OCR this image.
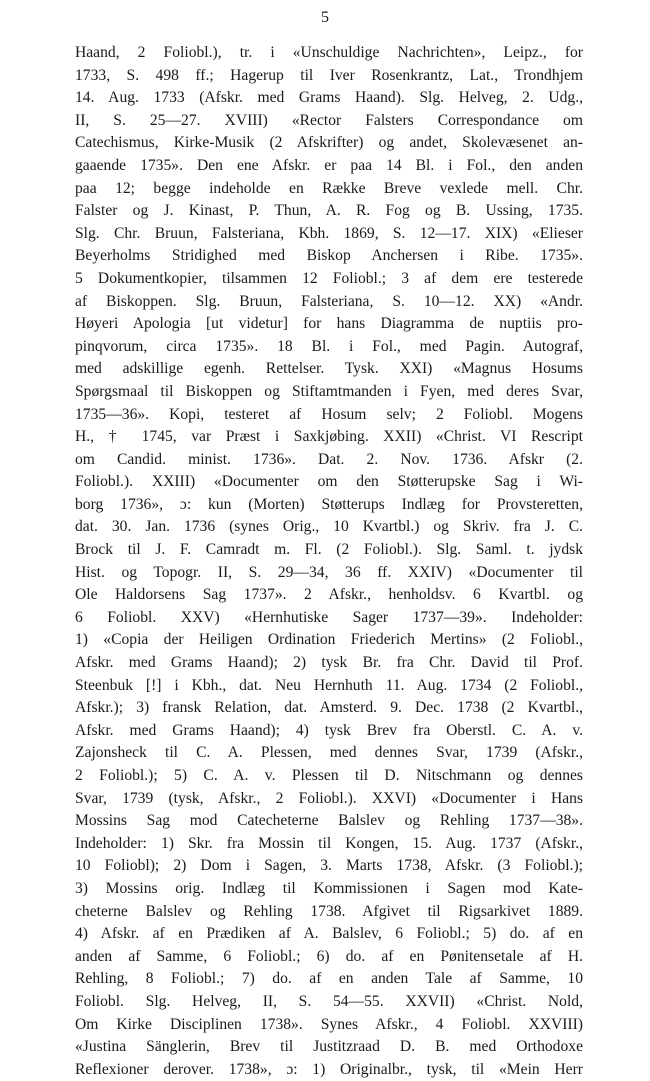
5
Haand, 2 Foliobl.), tr. i «Unschuldige Nachrichten», Leipz., for
1733, S. 498 ff.; Hagerup til Iver Rosenkrantz, Lat., Trondhjem
14. Aug. 1733 (Afskr. med Grams Haand). Slg. Helveg, 2. Udg.,
II, S. 25—27. XVIII) «Rector Falsters Correspondance om
Catechismus, Kirke-Musik (2 Afskrifter) og andet, Skolevæsenet an-
gaaende 1735». Den ene Afskr. er paa 14 Bl. i Fol., den anden
paa 12; begge indeholde en Række Breve vexlede mell. Chr.
Falster og J. Kinast, P. Thun, A. R. Fog og B. Ussing, 1735.
Slg. Chr. Bruun, Falsteriana, Kbh. 1869, S. 12—17. XIX) «Elieser
Beyerholms Stridighed med Biskop Anchersen i Ribe. 1735».
5 Dokumentkopier, tilsammen 12 Foliobl.; 3 af dem ere testerede
af Biskoppen. Slg. Bruun, Falsteriana, S. 10—12. XX) «Andr.
Høyeri Apologia [ut videtur] for hans Diagramma de nuptiis pro-
pinqvorum, circa 1735». 18 Bl. i Fol., med Pagin. Autograf,
med adskillige egenh. Rettelser. Tysk. XXI) «Magnus Hosums
Spørgsmaal til Biskoppen og Stiftamtmanden i Fyen, med deres Svar,
1735—36». Kopi, testeret af Hosum selv; 2 Foliobl. Mogens
H., † 1745, var Præst i Saxkjøbing. XXII) «Christ. VI Rescript
om Candid. minist. 1736». Dat. 2. Nov. 1736. Afskr (2.
Foliobl.). XXIII) «Documenter om den Støtterupske Sag i Wi-
borg 1736», ɔ: kun (Morten) Støtterups Indlæg for Provsteretten,
dat. 30. Jan. 1736 (synes Orig., 10 Kvartbl.) og Skriv. fra J. C.
Brock til J. F. Camradt m. Fl. (2 Foliobl.). Slg. Saml. t. jydsk
Hist. og Topogr. II, S. 29—34, 36 ff. XXIV) «Documenter til
Ole Haldorsens Sag 1737». 2 Afskr., henholdsv. 6 Kvartbl. og
6 Foliobl. XXV) «Hernhutiske Sager 1737—39». Indeholder:
1) «Copia der Heiligen Ordination Friederich Mertins» (2 Foliobl.,
Afskr. med Grams Haand); 2) tysk Br. fra Chr. David til Prof.
Steenbuk [!] i Kbh., dat. Neu Hernhuth 11. Aug. 1734 (2 Foliobl.,
Afskr.); 3) fransk Relation, dat. Amsterd. 9. Dec. 1738 (2 Kvartbl.,
Afskr. med Grams Haand); 4) tysk Brev fra Oberstl. C. A. v.
Zajonsheck til C. A. Plessen, med dennes Svar, 1739 (Afskr.,
2 Foliobl.); 5) C. A. v. Plessen til D. Nitschmann og dennes
Svar, 1739 (tysk, Afskr., 2 Foliobl.). XXVI) «Documenter i Hans
Mossins Sag mod Catecheterne Balslev og Rehling 1737—38».
Indeholder: 1) Skr. fra Mossin til Kongen, 15. Aug. 1737 (Afskr.,
10 Foliobl); 2) Dom i Sagen, 3. Marts 1738, Afskr. (3 Foliobl.);
3) Mossins orig. Indlæg til Kommissionen i Sagen mod Kate-
cheterne Balslev og Rehling 1738. Afgivet til Rigsarkivet 1889.
4) Afskr. af en Prædiken af A. Balslev, 6 Foliobl.; 5) do. af en
anden af Samme, 6 Foliobl.; 6) do. af en Pønitensetale af H.
Rehling, 8 Foliobl.; 7) do. af en anden Tale af Samme, 10
Foliobl. Slg. Helveg, II, S. 54—55. XXVII) «Christ. Nold,
Om Kirke Disciplinen 1738». Synes Afskr., 4 Foliobl. XXVIII)
«Justina Sänglerin, Brev til Justitzraad D. B. med Orthodoxe
Reflexioner derover. 1738», ɔ: 1) Originalbr., tysk, til «Mein Herr
